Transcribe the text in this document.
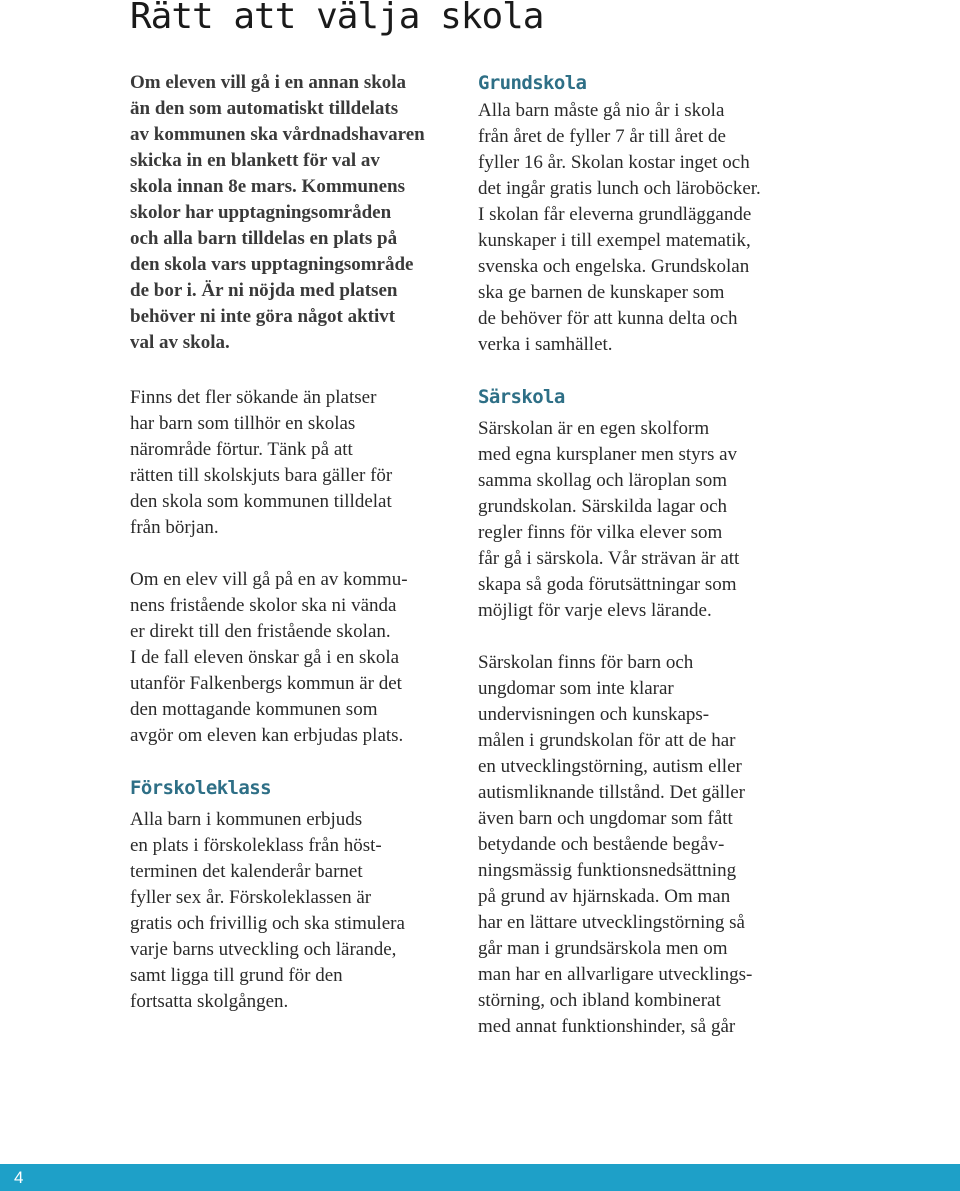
Rätt att välja skola

Om eleven vill gå i en annan skola
än den som automatiskt tilldelats
av kommunen ska vårdnadshavaren
skicka in en blankett för val av
skola innan 8e mars. Kommunens
skolor har upptagningsområden
och alla barn tilldelas en plats på
den skola vars upptagningsområde
de bor i. Är ni nöjda med platsen
behöver ni inte göra något aktivt
val av skola.

Finns det fler sökande än platser
har barn som tillhör en skolas
närområde förtur. Tänk på att
rätten till skolskjuts bara gäller för
den skola som kommunen tilldelat
från början.

Om en elev vill gå på en av kommu-
nens fristående skolor ska ni vända
er direkt till den fristående skolan.
I de fall eleven önskar gå i en skola
utanför Falkenbergs kommun är det
den mottagande kommunen som
avgör om eleven kan erbjudas plats.

Förskoleklass

Alla barn i kommunen erbjuds
en plats i förskoleklass från höst-
terminen det kalenderår barnet
fyller sex år. Förskoleklassen är
gratis och frivillig och ska stimulera
varje barns utveckling och lärande,
samt ligga till grund för den
fortsatta skolgången.

Grundskola

Alla barn måste gå nio år i skola
från året de fyller 7 år till året de
fyller 16 år. Skolan kostar inget och
det ingår gratis lunch och läroböcker.
I skolan får eleverna grundläggande
kunskaper i till exempel matematik,
svenska och engelska. Grundskolan
ska ge barnen de kunskaper som
de behöver för att kunna delta och
verka i samhället.

Särskola

Särskolan är en egen skolform
med egna kursplaner men styrs av
samma skollag och läroplan som
grundskolan. Särskilda lagar och
regler finns för vilka elever som
får gå i särskola. Vår strävan är att
skapa så goda förutsättningar som
möjligt för varje elevs lärande.

Särskolan finns för barn och
ungdomar som inte klarar
undervisningen och kunskaps-
målen i grundskolan för att de har
en utvecklingstörning, autism eller
autismliknande tillstånd. Det gäller
även barn och ungdomar som fått
betydande och bestående begåv-
ningsmässig funktionsnedsättning
på grund av hjärnskada. Om man
har en lättare utvecklingstörning så
går man i grundsärskola men om
man har en allvarligare utvecklings-
störning, och ibland kombinerat
med annat funktionshinder, så går

4
